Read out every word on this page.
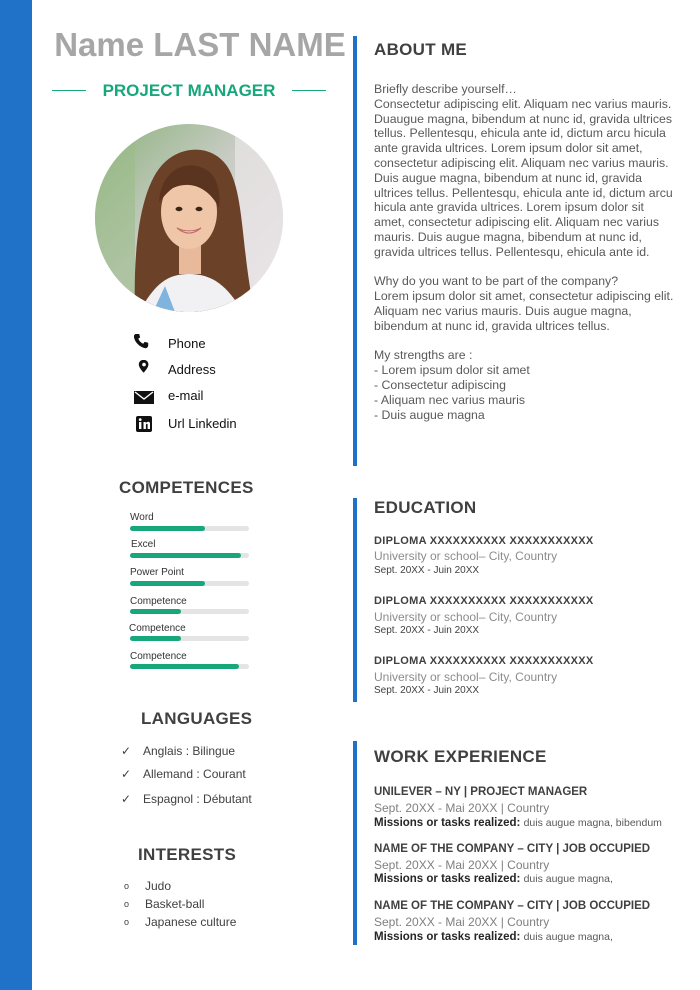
Name LAST NAME
PROJECT MANAGER
Phone
Address
e-mail
Url Linkedin
COMPETENCES
Word
Excel
Power Point
Competence
Competence
Competence
LANGUAGES
✓ Anglais : Bilingue
✓ Allemand : Courant
✓ Espagnol : Débutant
INTERESTS
o Judo
o Basket-ball
o Japanese culture
ABOUT ME

Briefly describe yourself…
Consectetur adipiscing elit. Aliquam nec varius mauris. Duaugue magna, bibendum at nunc id, gravida ultrices tellus. Pellentesqu, ehicula ante id, dictum arcu hicula ante gravida ultrices. Lorem ipsum dolor sit amet, consectetur adipiscing elit. Aliquam nec varius mauris. Duis augue magna, bibendum at nunc id, gravida ultrices tellus. Pellentesqu, ehicula ante id, dictum arcu hicula ante gravida ultrices. Lorem ipsum dolor sit amet, consectetur adipiscing elit. Aliquam nec varius mauris. Duis augue magna, bibendum at nunc id, gravida ultrices tellus. Pellentesqu, ehicula ante id.

Why do you want to be part of the company?
Lorem ipsum dolor sit amet, consectetur adipiscing elit. Aliquam nec varius mauris. Duis augue magna, bibendum at nunc id, gravida ultrices tellus.

My strengths are :
- Lorem ipsum dolor sit amet
- Consectetur adipiscing
- Aliquam nec varius mauris
- Duis augue magna
EDUCATION
DIPLOMA XXXXXXXXXX XXXXXXXXXXX
University or school– City, Country
Sept. 20XX - Juin 20XX
DIPLOMA XXXXXXXXXX XXXXXXXXXXX
University or school– City, Country
Sept. 20XX - Juin 20XX
DIPLOMA XXXXXXXXXX XXXXXXXXXXX
University or school– City, Country
Sept. 20XX - Juin 20XX
WORK EXPERIENCE
UNILEVER – NY | PROJECT MANAGER
Sept. 20XX - Mai 20XX | Country
Missions or tasks realized: duis augue magna, bibendum
NAME OF THE COMPANY – CITY | JOB OCCUPIED
Sept. 20XX - Mai 20XX | Country
Missions or tasks realized: duis augue magna,
NAME OF THE COMPANY – CITY | JOB OCCUPIED
Sept. 20XX - Mai 20XX | Country
Missions or tasks realized: duis augue magna,
